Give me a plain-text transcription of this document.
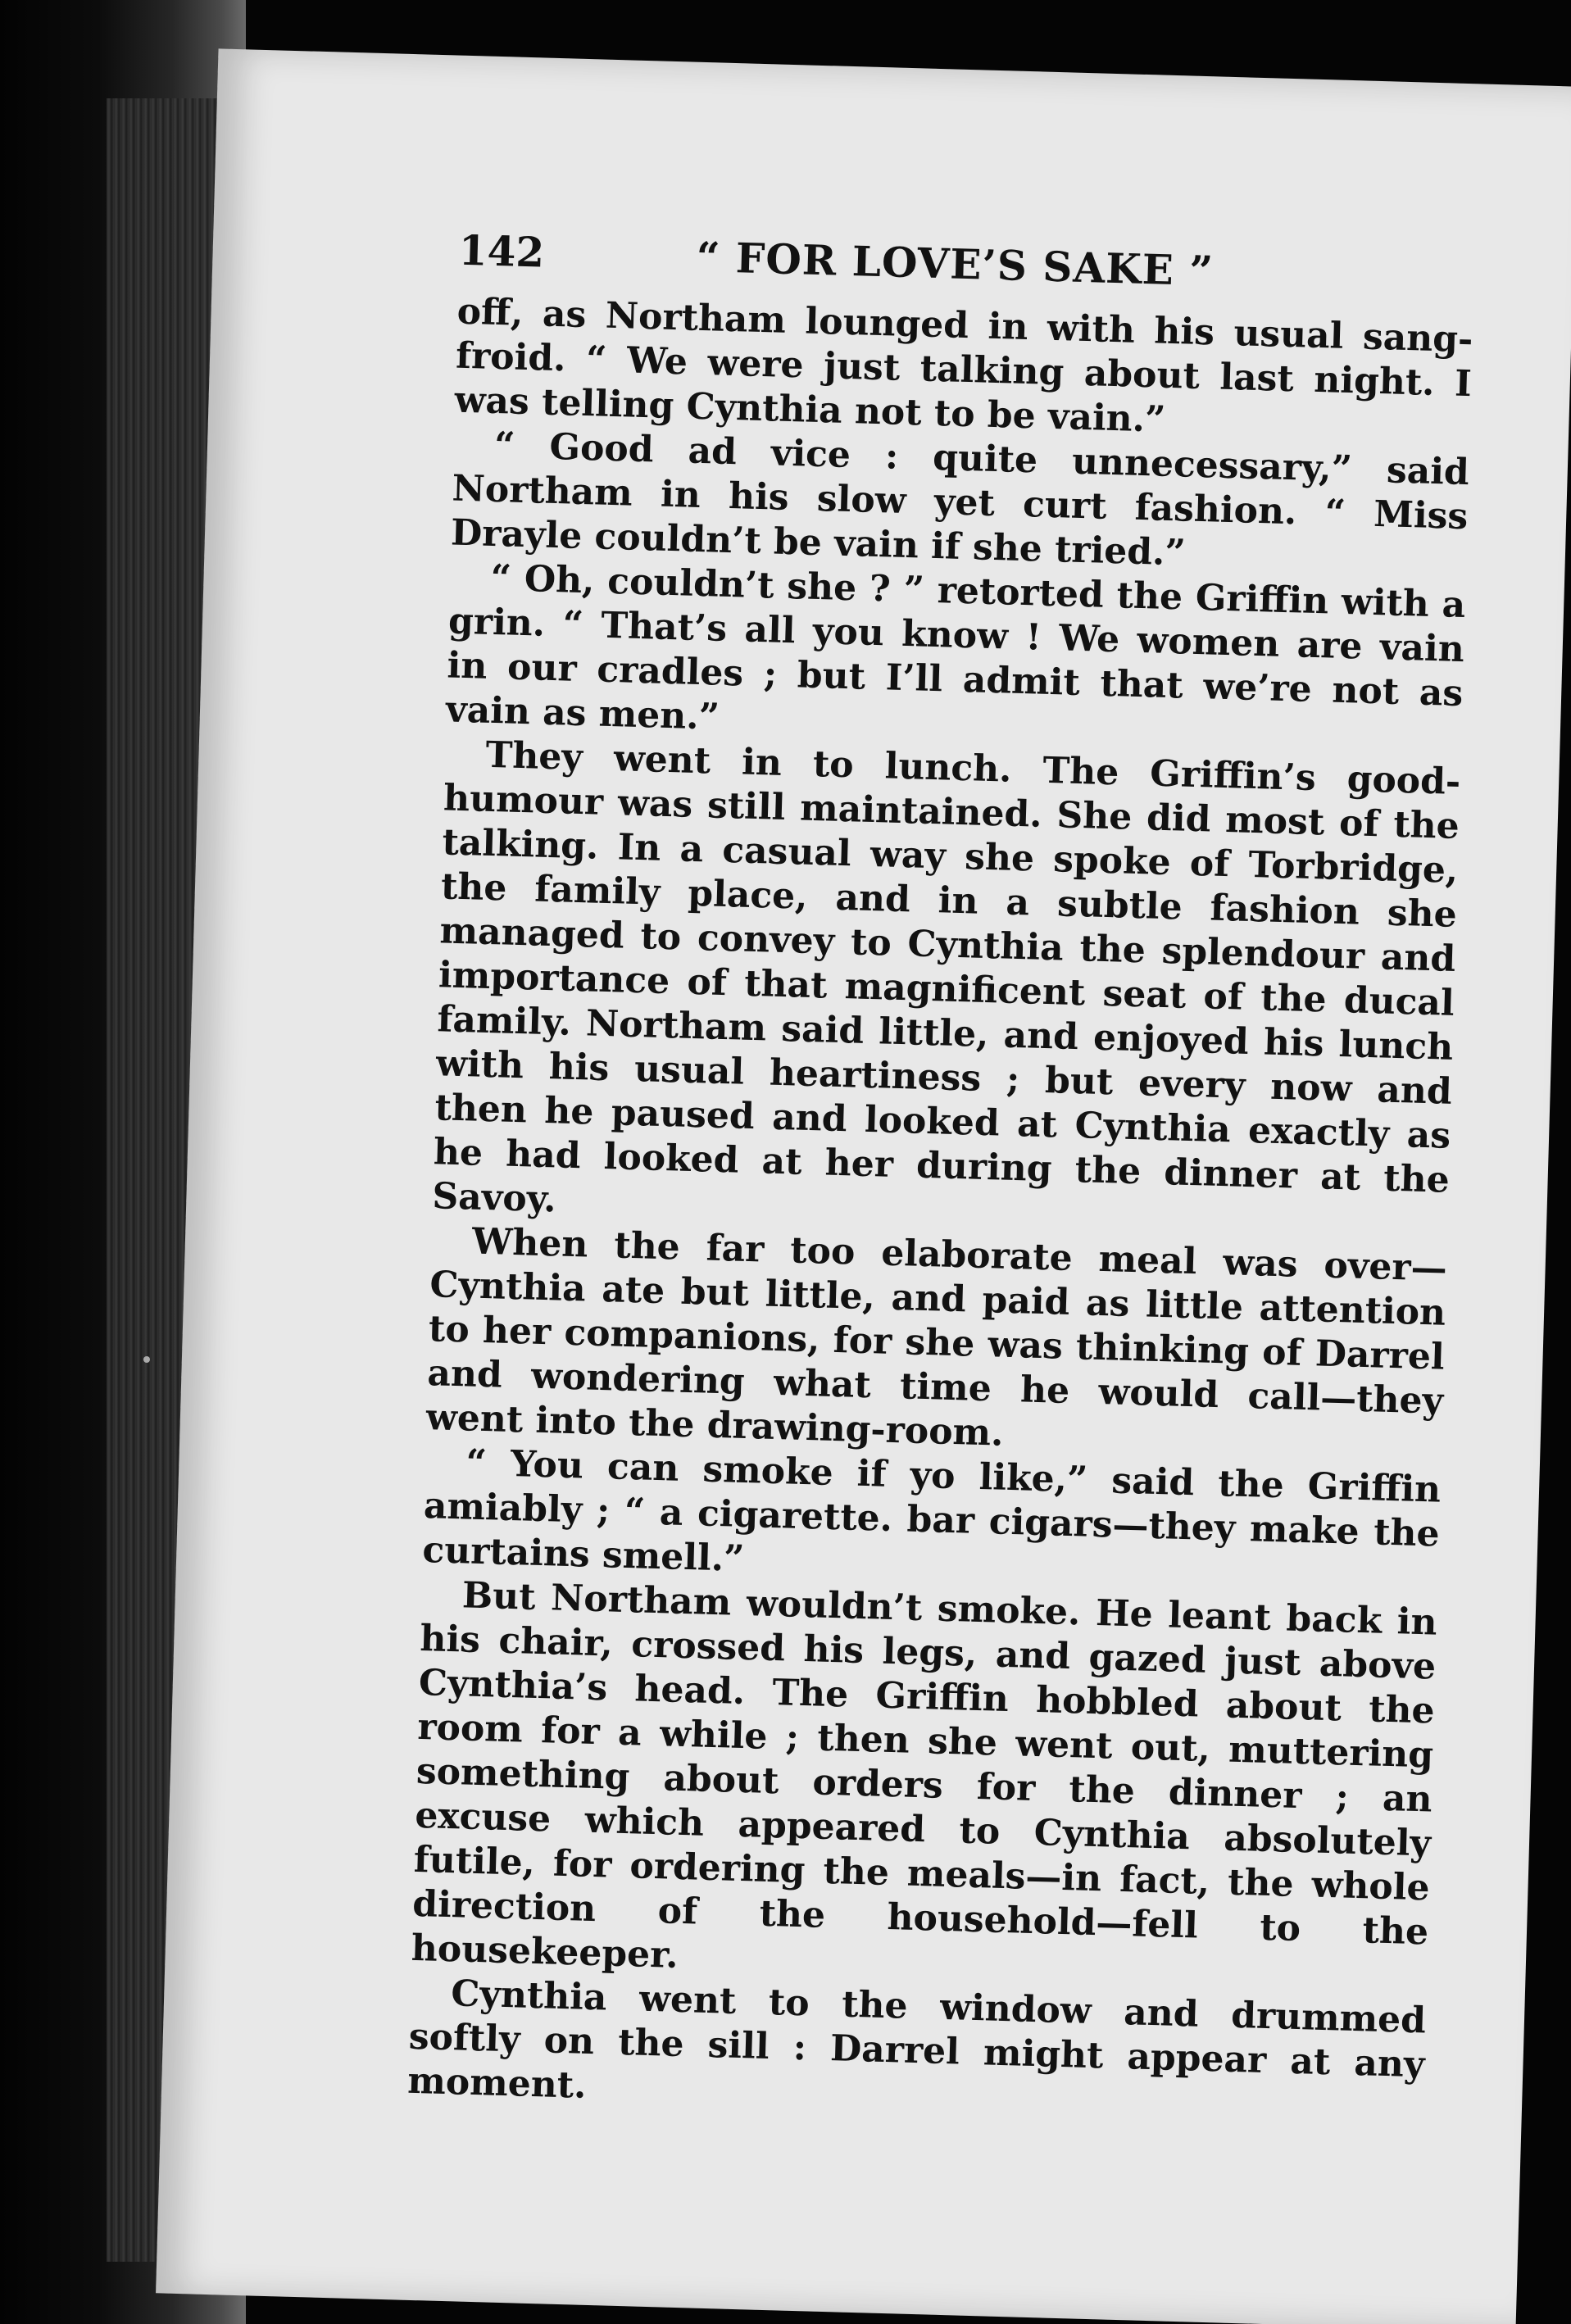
142	“ FOR LOVE’S SAKE ”

off, as Northam lounged in with his usual sang-froid. “ We were just talking about last night. I was telling Cynthia not to be vain.”

“ Good ad vice : quite unnecessary,” said Northam in his slow yet curt fashion. “ Miss Drayle couldn’t be vain if she tried.”

“ Oh, couldn’t she ? ” retorted the Griffin with a grin. “ That’s all you know ! We women are vain in our cradles ; but I’ll admit that we’re not as vain as men.”

They went in to lunch. The Griffin’s good-humour was still maintained. She did most of the talking. In a casual way she spoke of Torbridge, the family place, and in a subtle fashion she managed to convey to Cynthia the splendour and importance of that magnificent seat of the ducal family. Northam said little, and enjoyed his lunch with his usual heartiness ; but every now and then he paused and looked at Cynthia exactly as he had looked at her during the dinner at the Savoy.

When the far too elaborate meal was over—Cynthia ate but little, and paid as little attention to her companions, for she was thinking of Darrel and wondering what time he would call—they went into the drawing-room.

“ You can smoke if yo like,” said the Griffin amiably ; “ a cigarette. bar cigars—they make the curtains smell.”

But Northam wouldn’t smoke. He leant back in his chair, crossed his legs, and gazed just above Cynthia’s head. The Griffin hobbled about the room for a while ; then she went out, muttering something about orders for the dinner ; an excuse which appeared to Cynthia absolutely futile, for ordering the meals—in fact, the whole direction of the household—fell to the housekeeper.

Cynthia went to the window and drummed softly on the sill : Darrel might appear at any moment.
